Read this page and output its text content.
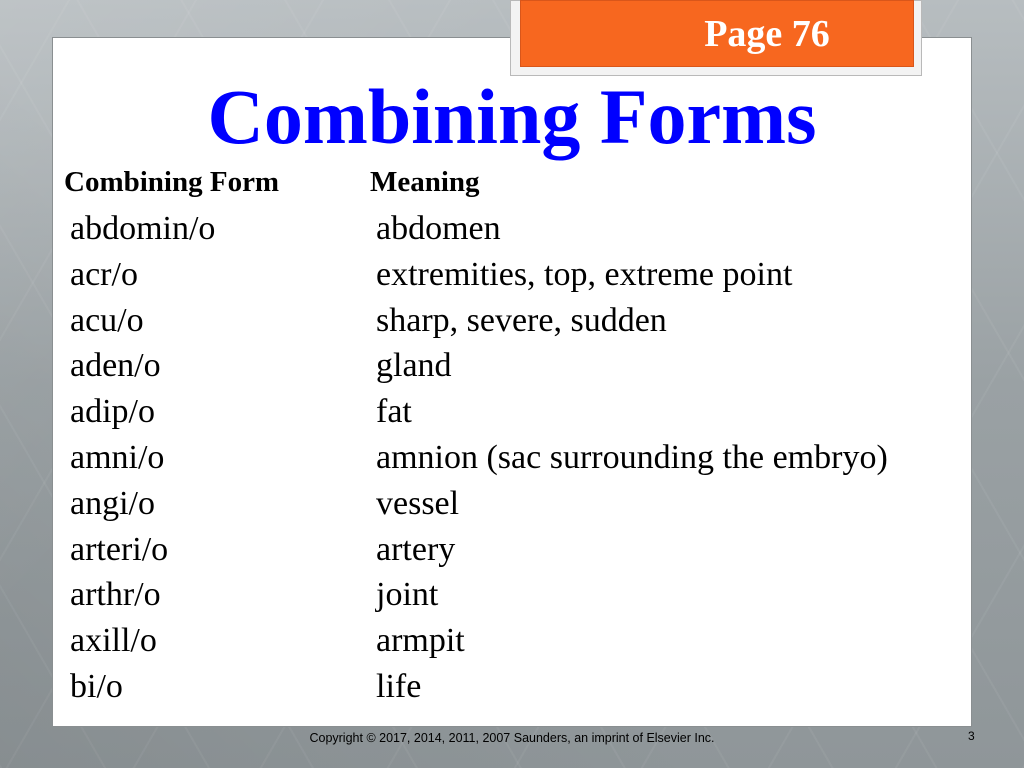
Page 76
Combining Forms
Combining Form	Meaning
abdomin/o	abdomen
acr/o	extremities, top, extreme point
acu/o	sharp, severe, sudden
aden/o	gland
adip/o	fat
amni/o	amnion (sac surrounding the embryo)
angi/o	vessel
arteri/o	artery
arthr/o	joint
axill/o	armpit
bi/o	life
Copyright © 2017, 2014, 2011, 2007 Saunders, an imprint of Elsevier Inc.	3
